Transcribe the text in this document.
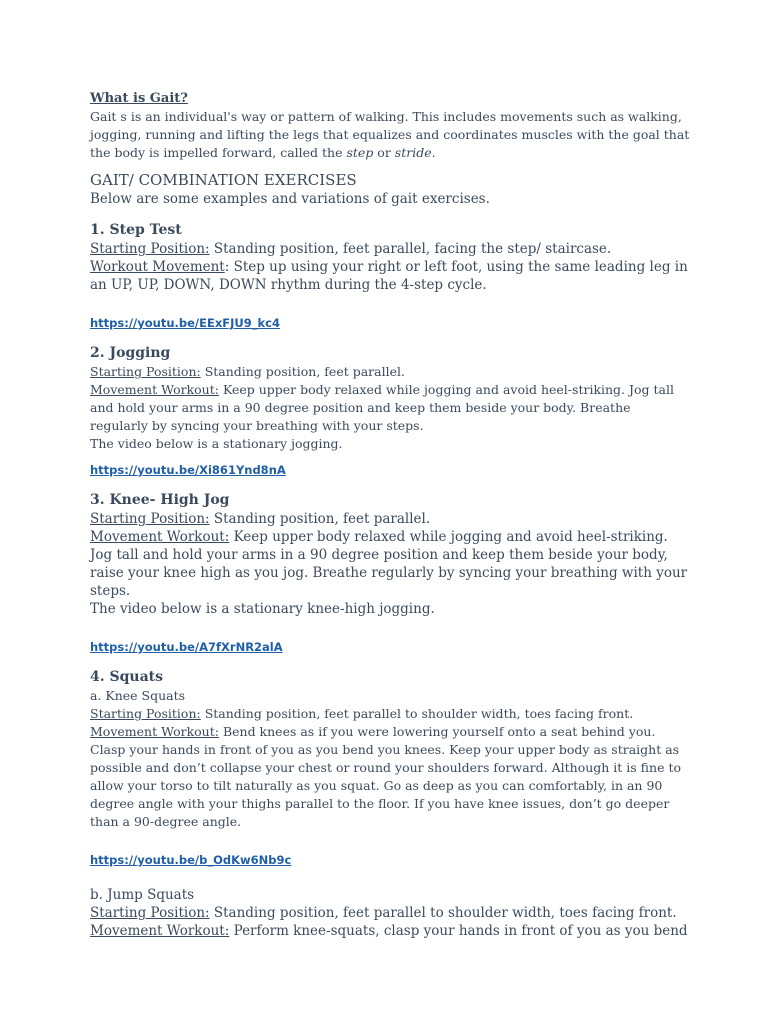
What is Gait?

Gait s is an individual's way or pattern of walking. This includes movements such as walking, jogging, running and lifting the legs that equalizes and coordinates muscles with the goal that the body is impelled forward, called the step or stride.

GAIT/ COMBINATION EXERCISES

Below are some examples and variations of gait exercises.

1. Step Test

Starting Position: Standing position, feet parallel, facing the step/ staircase.

Workout Movement: Step up using your right or left foot, using the same leading leg in an UP, UP, DOWN, DOWN rhythm during the 4-step cycle.

https://youtu.be/EExFJU9_kc4
2. Jogging

Starting Position: Standing position, feet parallel.

Movement Workout: Keep upper body relaxed while jogging and avoid heel-striking. Jog tall and hold your arms in a 90 degree position and keep them beside your body. Breathe regularly by syncing your breathing with your steps.

The video below is a stationary jogging.

https://youtu.be/Xi861Ynd8nA
3. Knee- High Jog

Starting Position: Standing position, feet parallel.

Movement Workout: Keep upper body relaxed while jogging and avoid heel-striking. Jog tall and hold your arms in a 90 degree position and keep them beside your body, raise your knee high as you jog. Breathe regularly by syncing your breathing with your steps.

The video below is a stationary knee-high jogging.

https://youtu.be/A7fXrNR2alA
4. Squats
a. Knee Squats

Starting Position: Standing position, feet parallel to shoulder width, toes facing front.

Movement Workout: Bend knees as if you were lowering yourself onto a seat behind you. Clasp your hands in front of you as you bend you knees. Keep your upper body as straight as possible and don’t collapse your chest or round your shoulders forward. Although it is fine to allow your torso to tilt naturally as you squat. Go as deep as you can comfortably, in an 90 degree angle with your thighs parallel to the floor. If you have knee issues, don’t go deeper than a 90-degree angle.

https://youtu.be/b_OdKw6Nb9c
b. Jump Squats

Starting Position: Standing position, feet parallel to shoulder width, toes facing front.

Movement Workout: Perform knee-squats, clasp your hands in front of you as you bend
